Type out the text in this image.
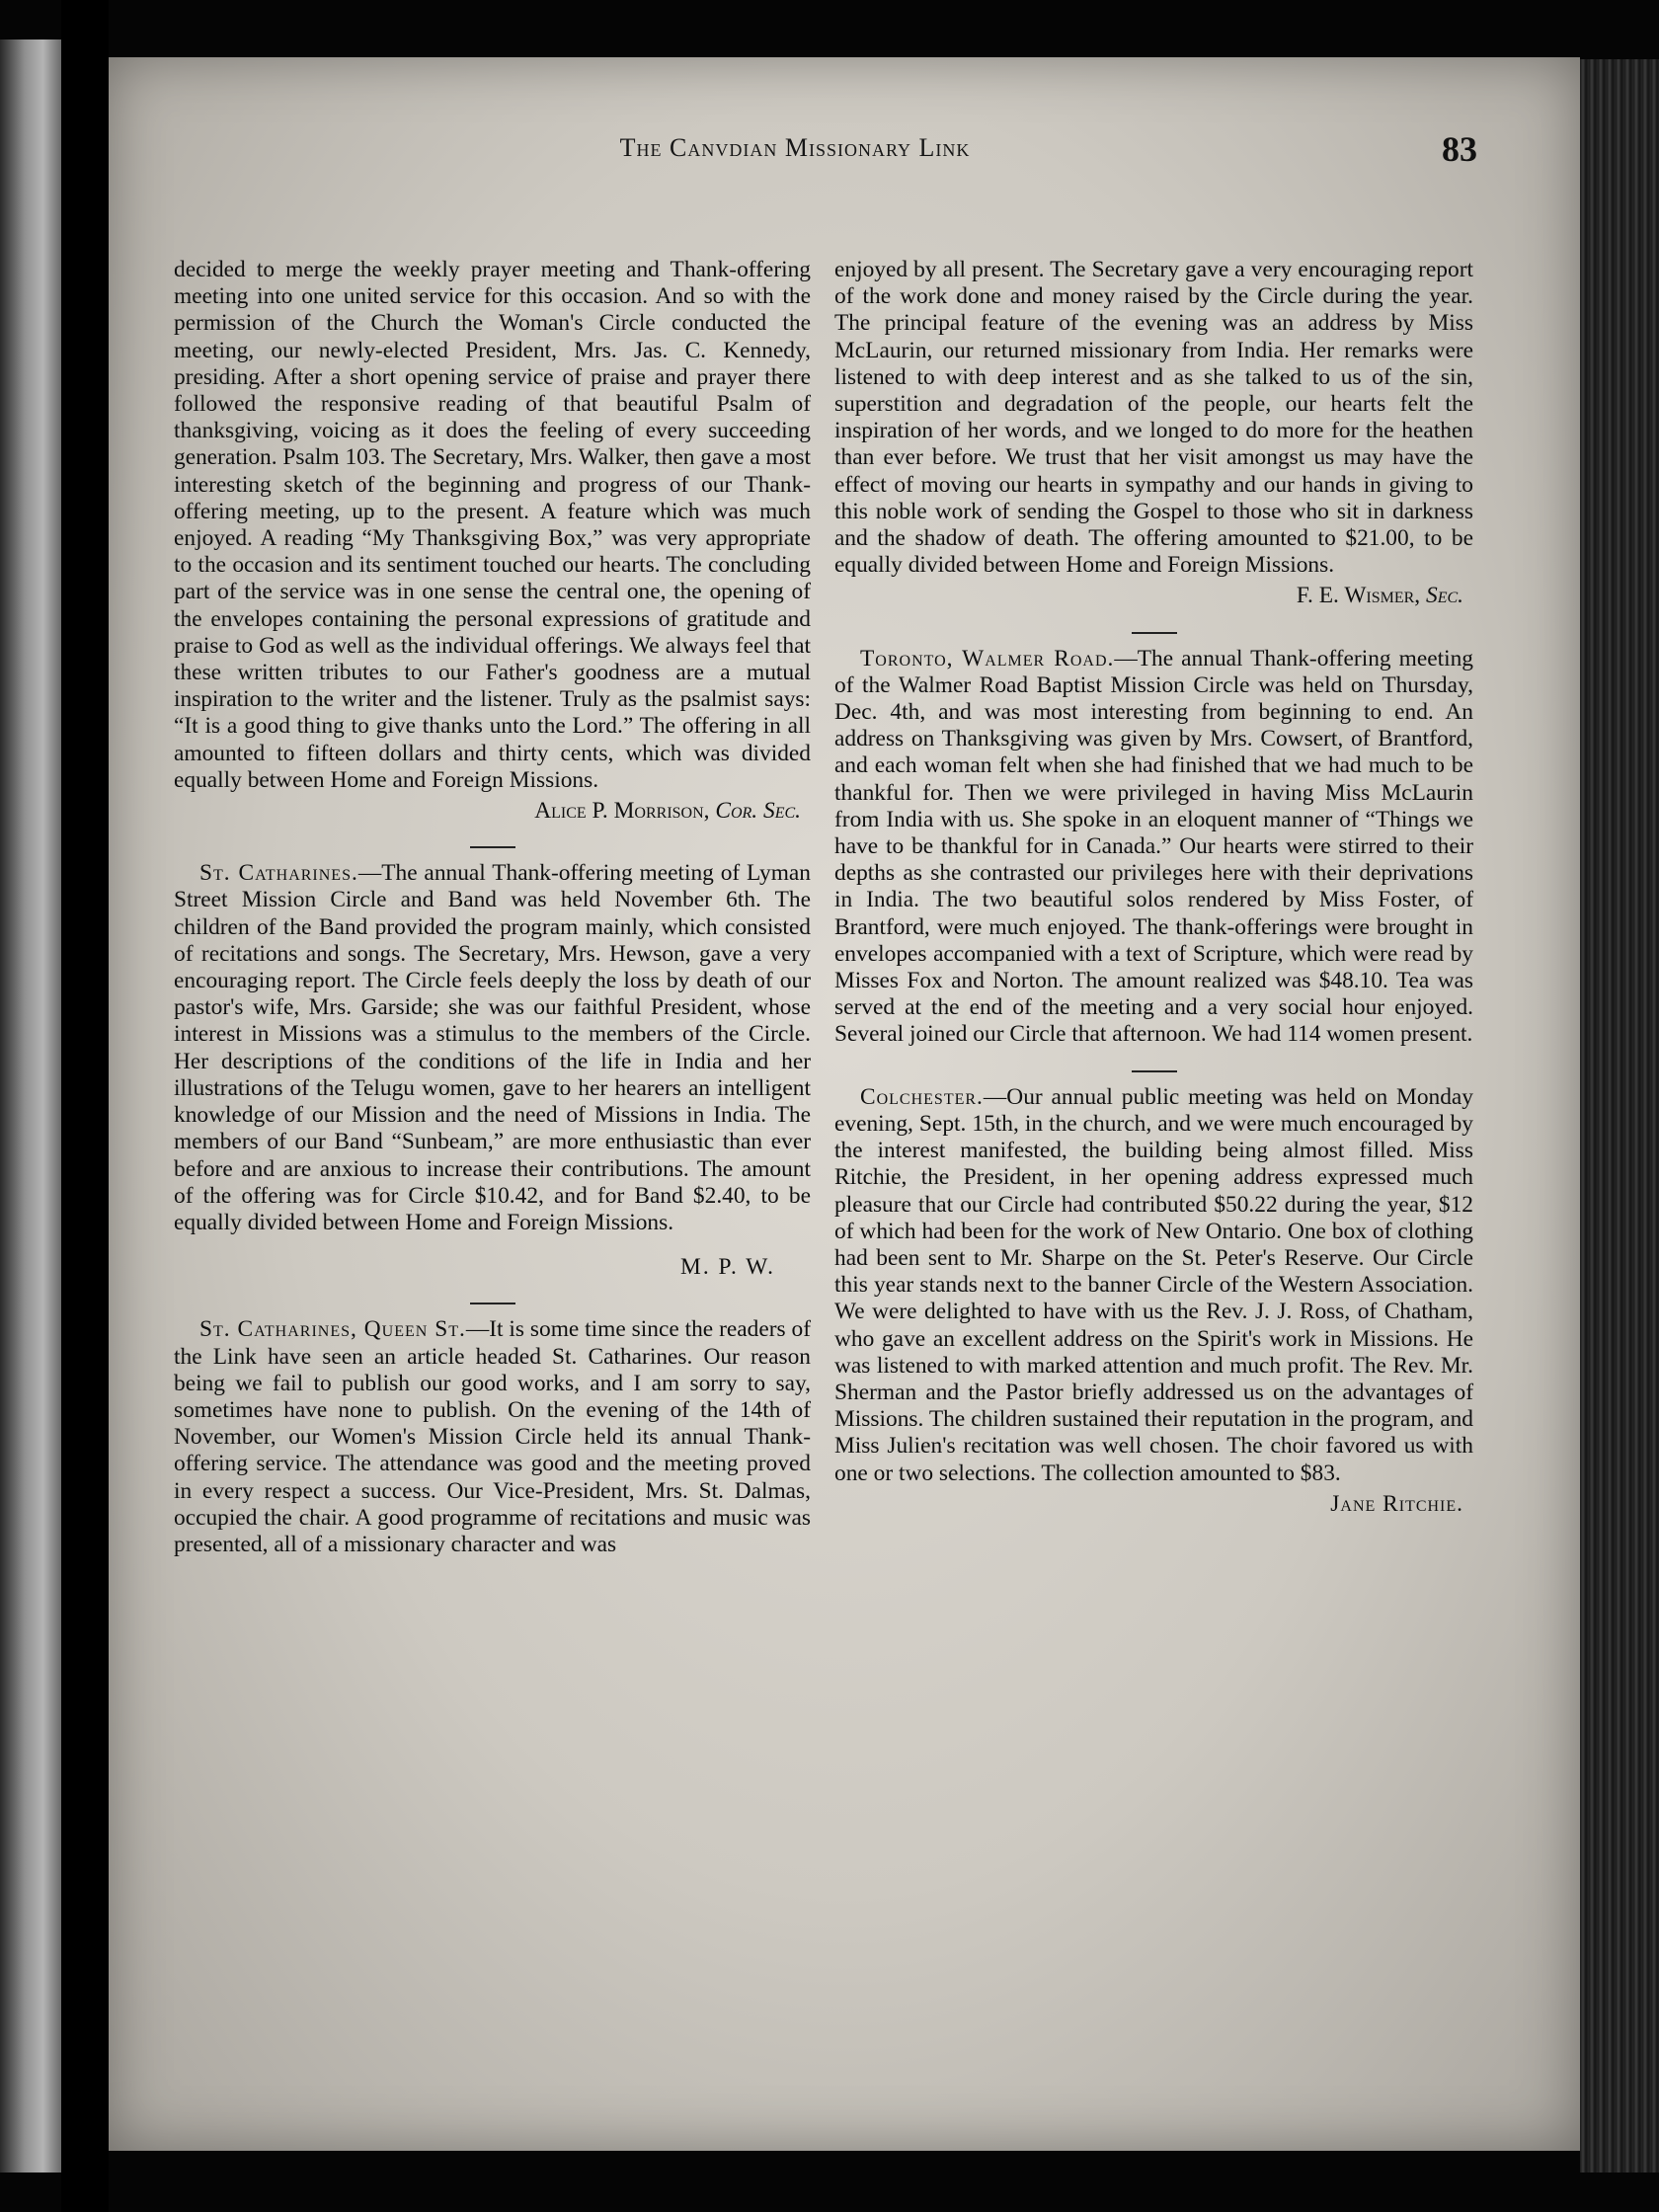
The Canvdian Missionary Link	83

decided to merge the weekly prayer meeting and Thank-offering meeting into one united service for this occasion. And so with the permission of the Church the Woman's Circle conducted the meeting, our newly-elected President, Mrs. Jas. C. Kennedy, presiding. After a short opening service of praise and prayer there followed the responsive reading of that beautiful Psalm of thanksgiving, voicing as it does the feeling of every succeeding generation. Psalm 103. The Secretary, Mrs. Walker, then gave a most interesting sketch of the beginning and progress of our Thank-offering meeting, up to the present. A feature which was much enjoyed. A reading “My Thanksgiving Box,” was very appropriate to the occasion and its sentiment touched our hearts. The concluding part of the service was in one sense the central one, the opening of the envelopes containing the personal expressions of gratitude and praise to God as well as the individual offerings. We always feel that these written tributes to our Father's goodness are a mutual inspiration to the writer and the listener. Truly as the psalmist says: “It is a good thing to give thanks unto the Lord.” The offering in all amounted to fifteen dollars and thirty cents, which was divided equally between Home and Foreign Missions.

Alice P. Morrison, Cor. Sec.

St. Catharines.—The annual Thank-offering meeting of Lyman Street Mission Circle and Band was held November 6th. The children of the Band provided the program mainly, which consisted of recitations and songs. The Secretary, Mrs. Hewson, gave a very encouraging report. The Circle feels deeply the loss by death of our pastor's wife, Mrs. Garside; she was our faithful President, whose interest in Missions was a stimulus to the members of the Circle. Her descriptions of the conditions of the life in India and her illustrations of the Telugu women, gave to her hearers an intelligent knowledge of our Mission and the need of Missions in India. The members of our Band “Sunbeam,” are more enthusiastic than ever before and are anxious to increase their contributions. The amount of the offering was for Circle $10.42, and for Band $2.40, to be equally divided between Home and Foreign Missions.

M. P. W.

St. Catharines, Queen St.—It is some time since the readers of the Link have seen an article headed St. Catharines. Our reason being we fail to publish our good works, and I am sorry to say, sometimes have none to publish. On the evening of the 14th of November, our Women's Mission Circle held its annual Thank-offering service. The attendance was good and the meeting proved in every respect a success. Our Vice-President, Mrs. St. Dalmas, occupied the chair. A good programme of recitations and music was presented, all of a missionary character and was

enjoyed by all present. The Secretary gave a very encouraging report of the work done and money raised by the Circle during the year. The principal feature of the evening was an address by Miss McLaurin, our returned missionary from India. Her remarks were listened to with deep interest and as she talked to us of the sin, superstition and degradation of the people, our hearts felt the inspiration of her words, and we longed to do more for the heathen than ever before. We trust that her visit amongst us may have the effect of moving our hearts in sympathy and our hands in giving to this noble work of sending the Gospel to those who sit in darkness and the shadow of death. The offering amounted to $21.00, to be equally divided between Home and Foreign Missions.

F. E. Wismer, Sec.

Toronto, Walmer Road.—The annual Thank-offering meeting of the Walmer Road Baptist Mission Circle was held on Thursday, Dec. 4th, and was most interesting from beginning to end. An address on Thanksgiving was given by Mrs. Cowsert, of Brantford, and each woman felt when she had finished that we had much to be thankful for. Then we were privileged in having Miss McLaurin from India with us. She spoke in an eloquent manner of “Things we have to be thankful for in Canada.” Our hearts were stirred to their depths as she contrasted our privileges here with their deprivations in India. The two beautiful solos rendered by Miss Foster, of Brantford, were much enjoyed. The thank-offerings were brought in envelopes accompanied with a text of Scripture, which were read by Misses Fox and Norton. The amount realized was $48.10. Tea was served at the end of the meeting and a very social hour enjoyed. Several joined our Circle that afternoon. We had 114 women present.

Colchester.—Our annual public meeting was held on Monday evening, Sept. 15th, in the church, and we were much encouraged by the interest manifested, the building being almost filled. Miss Ritchie, the President, in her opening address expressed much pleasure that our Circle had contributed $50.22 during the year, $12 of which had been for the work of New Ontario. One box of clothing had been sent to Mr. Sharpe on the St. Peter's Reserve. Our Circle this year stands next to the banner Circle of the Western Association. We were delighted to have with us the Rev. J. J. Ross, of Chatham, who gave an excellent address on the Spirit's work in Missions. He was listened to with marked attention and much profit. The Rev. Mr. Sherman and the Pastor briefly addressed us on the advantages of Missions. The children sustained their reputation in the program, and Miss Julien's recitation was well chosen. The choir favored us with one or two selections. The collection amounted to $83.

Jane Ritchie.
